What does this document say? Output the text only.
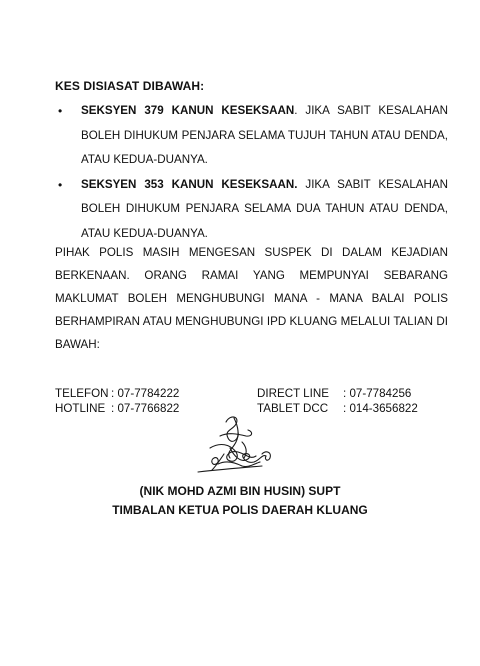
KES DISIASAT DIBAWAH:
• SEKSYEN 379 KANUN KESEKSAAN. JIKA SABIT KESALAHAN BOLEH DIHUKUM PENJARA SELAMA TUJUH TAHUN ATAU DENDA, ATAU KEDUA-DUANYA.
• SEKSYEN 353 KANUN KESEKSAAN. JIKA SABIT KESALAHAN BOLEH DIHUKUM PENJARA SELAMA DUA TAHUN ATAU DENDA, ATAU KEDUA-DUANYA.

PIHAK POLIS MASIH MENGESAN SUSPEK DI DALAM KEJADIAN BERKENAAN. ORANG RAMAI YANG MEMPUNYAI SEBARANG MAKLUMAT BOLEH MENGHUBUNGI MANA - MANA BALAI POLIS BERHAMPIRAN ATAU MENGHUBUNGI IPD KLUANG MELALUI TALIAN DI BAWAH:

TELEFON : 07-7784222	DIRECT LINE : 07-7784256
HOTLINE : 07-7766822	TABLET DCC : 014-3656822
(NIK MOHD AZMI BIN HUSIN) SUPT
TIMBALAN KETUA POLIS DAERAH KLUANG
